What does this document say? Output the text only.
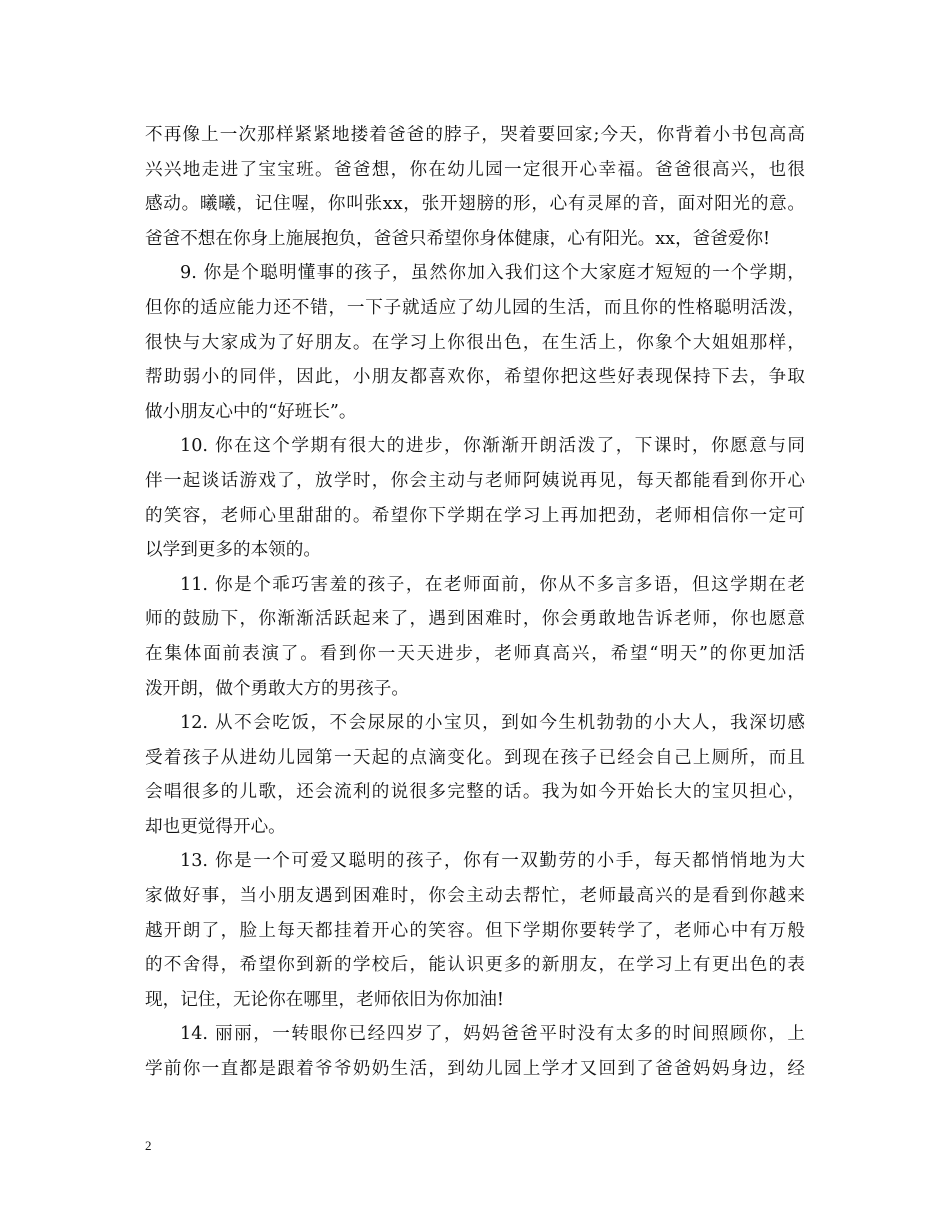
不再像上一次那样紧紧地搂着爸爸的脖子，哭着要回家;今天，你背着小书包高高
兴兴地走进了宝宝班。爸爸想，你在幼儿园一定很开心幸福。爸爸很高兴，也很
感动。曦曦，记住喔，你叫张xx，张开翅膀的形，心有灵犀的音，面对阳光的意。
爸爸不想在你身上施展抱负，爸爸只希望你身体健康，心有阳光。xx，爸爸爱你!
9. 你是个聪明懂事的孩子，虽然你加入我们这个大家庭才短短的一个学期，
但你的适应能力还不错，一下子就适应了幼儿园的生活，而且你的性格聪明活泼，
很快与大家成为了好朋友。在学习上你很出色，在生活上，你象个大姐姐那样，
帮助弱小的同伴，因此，小朋友都喜欢你，希望你把这些好表现保持下去，争取
做小朋友心中的“好班长”。
10. 你在这个学期有很大的进步，你渐渐开朗活泼了，下课时，你愿意与同
伴一起谈话游戏了，放学时，你会主动与老师阿姨说再见，每天都能看到你开心
的笑容，老师心里甜甜的。希望你下学期在学习上再加把劲，老师相信你一定可
以学到更多的本领的。
11. 你是个乖巧害羞的孩子，在老师面前，你从不多言多语，但这学期在老
师的鼓励下，你渐渐活跃起来了，遇到困难时，你会勇敢地告诉老师，你也愿意
在集体面前表演了。看到你一天天进步，老师真高兴，希望“明天”的你更加活
泼开朗，做个勇敢大方的男孩子。
12. 从不会吃饭，不会尿尿的小宝贝，到如今生机勃勃的小大人，我深切感
受着孩子从进幼儿园第一天起的点滴变化。到现在孩子已经会自己上厕所，而且
会唱很多的儿歌，还会流利的说很多完整的话。我为如今开始长大的宝贝担心，
却也更觉得开心。
13. 你是一个可爱又聪明的孩子，你有一双勤劳的小手，每天都悄悄地为大
家做好事，当小朋友遇到困难时，你会主动去帮忙，老师最高兴的是看到你越来
越开朗了，脸上每天都挂着开心的笑容。但下学期你要转学了，老师心中有万般
的不舍得，希望你到新的学校后，能认识更多的新朋友，在学习上有更出色的表
现，记住，无论你在哪里，老师依旧为你加油!
14. 丽丽，一转眼你已经四岁了，妈妈爸爸平时没有太多的时间照顾你，上
学前你一直都是跟着爷爷奶奶生活，到幼儿园上学才又回到了爸爸妈妈身边，经
2
